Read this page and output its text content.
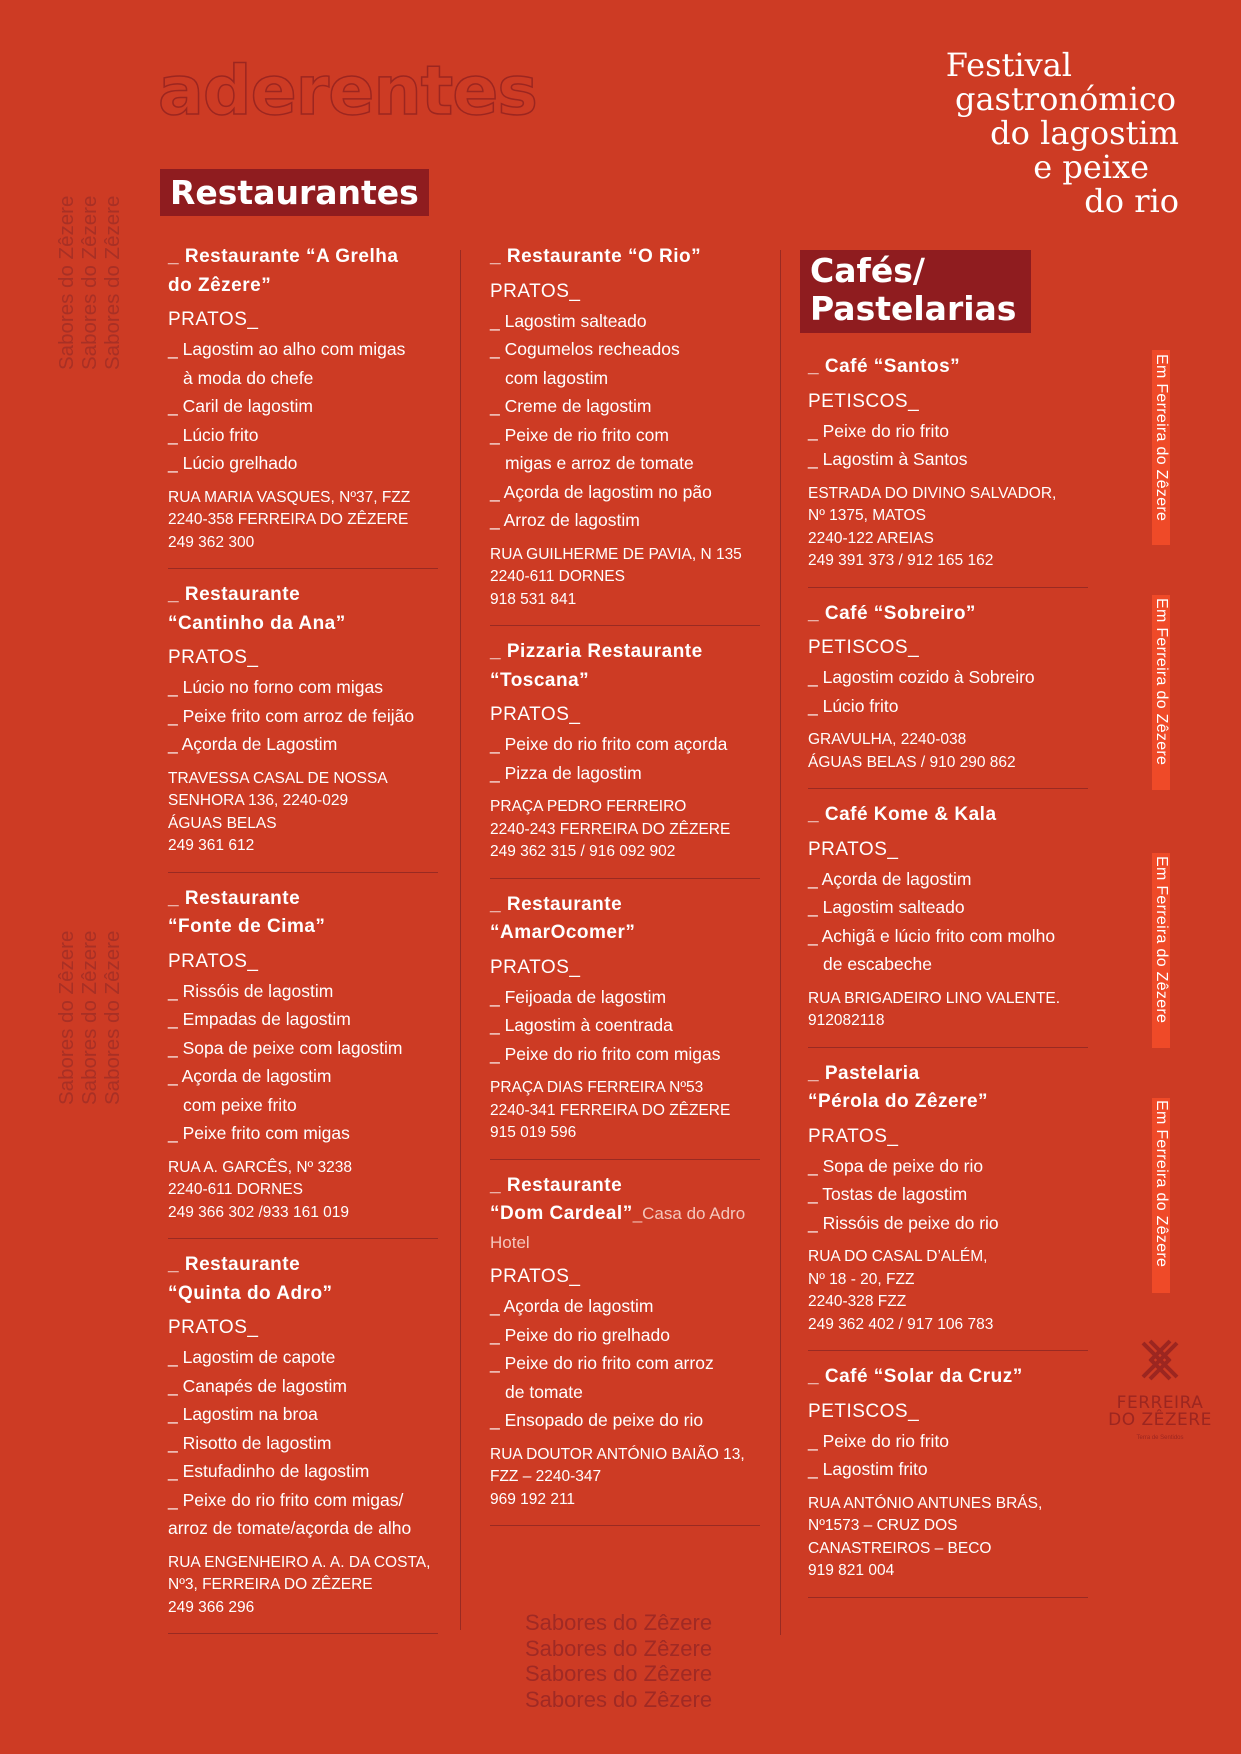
aderentes
Restaurantes
Cafés/
Pastelarias
Festival
gastronómico
do lagostim
e peixe
do rio
Sabores do Zêzere Sabores do Zêzere Sabores do Zêzere
Sabores do Zêzere Sabores do Zêzere Sabores do Zêzere
Em Ferreira do Zêzere
Em Ferreira do Zêzere
Em Ferreira do Zêzere
Em Ferreira do Zêzere
FERREIRA
DO ZÊZERE
Terra de Sentidos
Sabores do Zêzere
Sabores do Zêzere
Sabores do Zêzere
Sabores do Zêzere
_ Restaurante “A Grelha
do Zêzere”
PRATOS_
_ Lagostim ao alho com migas
à moda do chefe
_ Caril de lagostim
_ Lúcio frito
_ Lúcio grelhado
RUA MARIA VASQUES, Nº37, FZZ
2240-358 FERREIRA DO ZÊZERE
249 362 300
_ Restaurante
“Cantinho da Ana”
PRATOS_
_ Lúcio no forno com migas
_ Peixe frito com arroz de feijão
_ Açorda de Lagostim
TRAVESSA CASAL DE NOSSA
SENHORA 136, 2240-029
ÁGUAS BELAS
249 361 612
_ Restaurante
“Fonte de Cima”
PRATOS_
_ Rissóis de lagostim
_ Empadas de lagostim
_ Sopa de peixe com lagostim
_ Açorda de lagostim
com peixe frito
_ Peixe frito com migas
RUA A. GARCÊS, Nº 3238
2240-611 DORNES
249 366 302 /933 161 019
_ Restaurante
“Quinta do Adro”
PRATOS_
_ Lagostim de capote
_ Canapés de lagostim
_ Lagostim na broa
_ Risotto de lagostim
_ Estufadinho de lagostim
_ Peixe do rio frito com migas/
arroz de tomate/açorda de alho
RUA ENGENHEIRO A. A. DA COSTA,
Nº3, FERREIRA DO ZÊZERE
249 366 296
_ Restaurante “O Rio”
PRATOS_
_ Lagostim salteado
_ Cogumelos recheados
com lagostim
_ Creme de lagostim
_ Peixe de rio frito com
migas e arroz de tomate
_ Açorda de lagostim no pão
_ Arroz de lagostim
RUA GUILHERME DE PAVIA, N 135
2240-611 DORNES
918 531 841
_ Pizzaria Restaurante
“Toscana”
PRATOS_
_ Peixe do rio frito com açorda
_ Pizza de lagostim
PRAÇA PEDRO FERREIRO
2240-243 FERREIRA DO ZÊZERE
249 362 315 / 916 092 902
_ Restaurante
“AmarOcomer”
PRATOS_
_ Feijoada de lagostim
_ Lagostim à coentrada
_ Peixe do rio frito com migas
PRAÇA DIAS FERREIRA Nº53
2240-341 FERREIRA DO ZÊZERE
915 019 596
_ Restaurante
“Dom Cardeal”_Casa do Adro
Hotel
PRATOS_
_ Açorda de lagostim
_ Peixe do rio grelhado
_ Peixe do rio frito com arroz
de tomate
_ Ensopado de peixe do rio
RUA DOUTOR ANTÓNIO BAIÃO 13,
FZZ – 2240-347
969 192 211
_ Café “Santos”
PETISCOS_
_ Peixe do rio frito
_ Lagostim à Santos
ESTRADA DO DIVINO SALVADOR,
Nº 1375, MATOS
2240-122 AREIAS
249 391 373 / 912 165 162
_ Café “Sobreiro”
PETISCOS_
_ Lagostim cozido à Sobreiro
_ Lúcio frito
GRAVULHA, 2240-038
ÁGUAS BELAS / 910 290 862
_ Café Kome & Kala
PRATOS_
_ Açorda de lagostim
_ Lagostim salteado
_ Achigã e lúcio frito com molho
de escabeche
RUA BRIGADEIRO LINO VALENTE.
912082118
_ Pastelaria
“Pérola do Zêzere”
PRATOS_
_ Sopa de peixe do rio
_ Tostas de lagostim
_ Rissóis de peixe do rio
RUA DO CASAL D’ALÉM,
Nº 18 - 20, FZZ
2240-328 FZZ
249 362 402 / 917 106 783
_ Café “Solar da Cruz”
PETISCOS_
_ Peixe do rio frito
_ Lagostim frito
RUA ANTÓNIO ANTUNES BRÁS,
Nº1573 – CRUZ DOS
CANASTREIROS – BECO
919 821 004
